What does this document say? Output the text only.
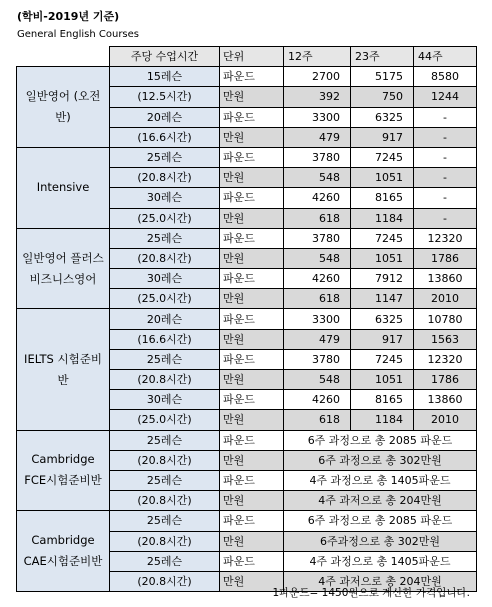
(학비-2019년 기준)
General English Courses
	주당 수업시간	단위	12주	23주	44주
일반영어 (오전반)	15레슨	파운드	2700	5175	8580
	(12.5시간)	만원	392	750	1244
	20레슨	파운드	3300	6325	-
	(16.6시간)	만원	479	917	-
Intensive	25레슨	파운드	3780	7245	-
	(20.8시간)	만원	548	1051	-
	30레슨	파운드	4260	8165	-
	(25.0시간)	만원	618	1184	-
일반영어 플러스 비즈니스영어	25레슨	파운드	3780	7245	12320
	(20.8시간)	만원	548	1051	1786
	30레슨	파운드	4260	7912	13860
	(25.0시간)	만원	618	1147	2010
IELTS 시험준비반	20레슨	파운드	3300	6325	10780
	(16.6시간)	만원	479	917	1563
	25레슨	파운드	3780	7245	12320
	(20.8시간)	만원	548	1051	1786
	30레슨	파운드	4260	8165	13860
	(25.0시간)	만원	618	1184	2010
Cambridge FCE시험준비반	25레슨	파운드	6주 과정으로 총 2085 파운드		
	(20.8시간)	만원	6주 과정으로 총 302만원		
	25레슨	파운드	4주 과정으로 총 1405파운드		
	(20.8시간)	만원	4주 과저으로 총 204만원		
Cambridge CAE시험준비반	25레슨	파운드	6주 과정으로 총 2085 파운드		
	(20.8시간)	만원	6주과정으로 총 302만원		
	25레슨	파운드	4주 과정으로 총 1405파운드		
	(20.8시간)	만원	4주 과저으로 총 204만원		
1파운드= 1450원으로 계산한 가격입니다.
